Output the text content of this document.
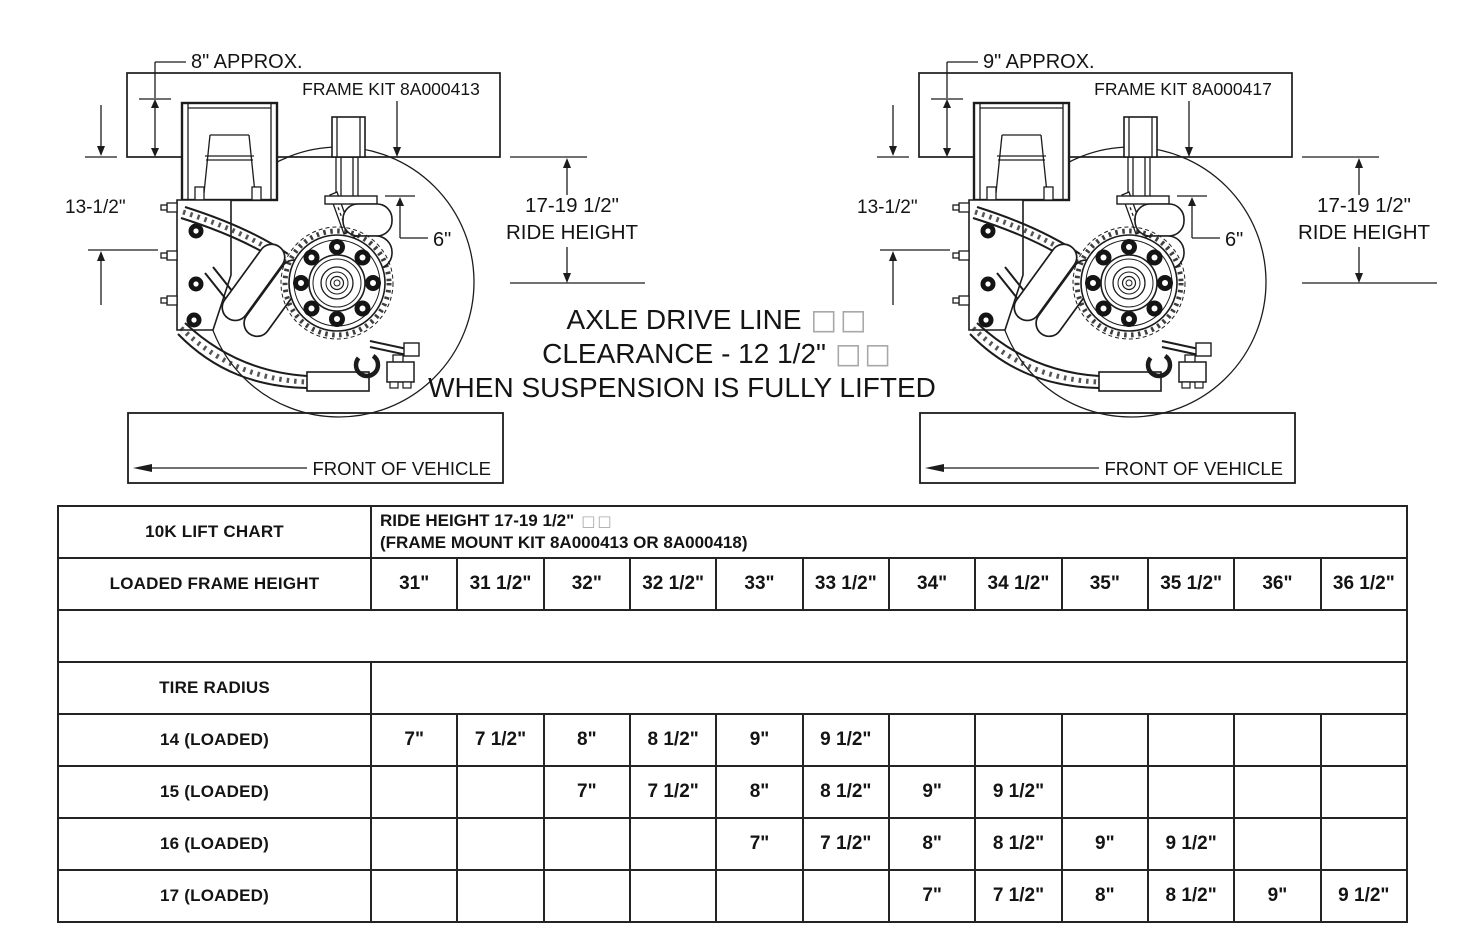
FRAME KIT 8A000413
8" APPROX.
13-1/2"
6"
17-19 1/2"
RIDE HEIGHT
FRONT OF VEHICLE
FRAME KIT 8A000417
9" APPROX.
13-1/2"
6"
17-19 1/2"
RIDE HEIGHT
FRONT OF VEHICLE
AXLE DRIVE LINE □□
CLEARANCE - 12 1/2" □□
WHEN SUSPENSION IS FULLY LIFTED
10K LIFT CHART	RIDE HEIGHT 17-19 1/2" □□
(FRAME MOUNT KIT 8A000413 OR 8A000418)											

LOADED FRAME HEIGHT	31"	31 1/2"	32"	32 1/2"	33"	33 1/2"	34"	34 1/2"	35"	35 1/2"	36"	36 1/2"

TIRE RADIUS												
14 (LOADED)	7"	7 1/2"	8"	8 1/2"	9"	9 1/2"						
15 (LOADED)			7"	7 1/2"	8"	8 1/2"	9"	9 1/2"				
16 (LOADED)					7"	7 1/2"	8"	8 1/2"	9"	9 1/2"		
17 (LOADED)							7"	7 1/2"	8"	8 1/2"	9"	9 1/2"
